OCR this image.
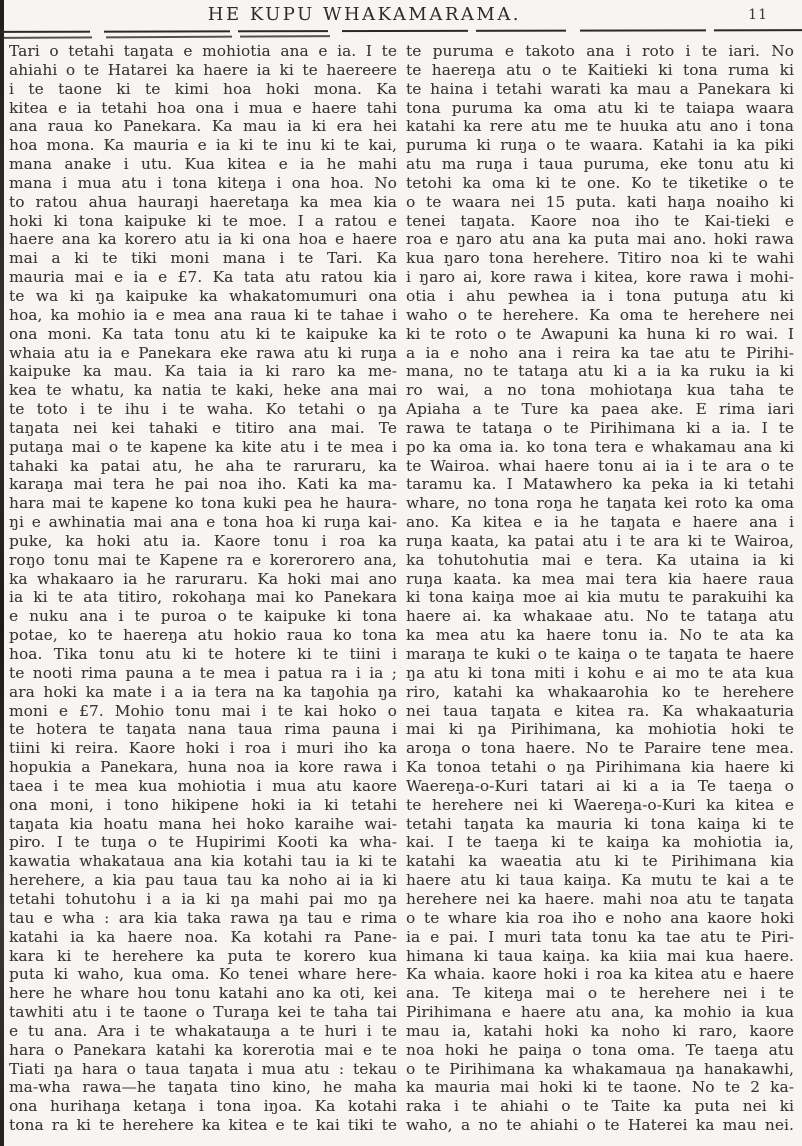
HE KUPU WHAKAMARAMA.	11
Tari o tetahi taŋata e mohiotia ana e ia. I te
ahiahi o te Hatarei ka haere ia ki te haereere
i te taone ki te kimi hoa hoki mona. Ka
kitea e ia tetahi hoa ona i mua e haere tahi
ana raua ko Panekara. Ka mau ia ki era hei
hoa mona. Ka mauria e ia ki te inu ki te kai,
mana anake i utu. Kua kitea e ia he mahi
mana i mua atu i tona kiteŋa i ona hoa. No
to ratou ahua hauraŋi haeretaŋa ka mea kia
hoki ki tona kaipuke ki te moe. I a ratou e
haere ana ka korero atu ia ki ona hoa e haere
mai a ki te tiki moni mana i te Tari. Ka
mauria mai e ia e £7. Ka tata atu ratou kia
te wa ki ŋa kaipuke ka whakatomumuri ona
hoa, ka mohio ia e mea ana raua ki te tahae i
ona moni. Ka tata tonu atu ki te kaipuke ka
whaia atu ia e Panekara eke rawa atu ki ruŋa
kaipuke ka mau. Ka taia ia ki raro ka me-
kea te whatu, ka natia te kaki, heke ana mai
te toto i te ihu i te waha. Ko tetahi o ŋa
taŋata nei kei tahaki e titiro ana mai. Te
putaŋa mai o te kapene ka kite atu i te mea i
tahaki ka patai atu, he aha te raruraru, ka
karaŋa mai tera he pai noa iho. Kati ka ma-
hara mai te kapene ko tona kuki pea he haura-
ŋi e awhinatia mai ana e tona hoa ki ruŋa kai-
puke, ka hoki atu ia. Kaore tonu i roa ka
roŋo tonu mai te Kapene ra e korerorero ana,
ka whakaaro ia he raruraru. Ka hoki mai ano
ia ki te ata titiro, rokohaŋa mai ko Panekara
e nuku ana i te puroa o te kaipuke ki tona
potae, ko te haereŋa atu hokio raua ko tona
hoa. Tika tonu atu ki te hotere ki te tiini i
te nooti rima pauna a te mea i patua ra i ia ;
ara hoki ka mate i a ia tera na ka taŋohia ŋa
moni e £7. Mohio tonu mai i te kai hoko o
te hotera te taŋata nana taua rima pauna i
tiini ki reira. Kaore hoki i roa i muri iho ka
hopukia a Panekara, huna noa ia kore rawa i
taea i te mea kua mohiotia i mua atu kaore
ona moni, i tono hikipene hoki ia ki tetahi
taŋata kia hoatu mana hei hoko karaihe wai-
piro. I te tuŋa o te Hupirimi Kooti ka wha-
kawatia whakataua ana kia kotahi tau ia ki te
herehere, a kia pau taua tau ka noho ai ia ki
tetahi tohutohu i a ia ki ŋa mahi pai mo ŋa
tau e wha : ara kia taka rawa ŋa tau e rima
katahi ia ka haere noa. Ka kotahi ra Pane-
kara ki te herehere ka puta te korero kua
puta ki waho, kua oma. Ko tenei whare here-
here he whare hou tonu katahi ano ka oti, kei
tawhiti atu i te taone o Turaŋa kei te taha tai
e tu ana. Ara i te whakatauŋa a te huri i te
hara o Panekara katahi ka korerotia mai e te
Tiati ŋa hara o taua taŋata i mua atu : tekau
ma-wha rawa—he taŋata tino kino, he maha
ona hurihaŋa ketaŋa i tona iŋoa. Ka kotahi
tona ra ki te herehere ka kitea e te kai tiki te
te puruma e takoto ana i roto i te iari. No
te haereŋa atu o te Kaitieki ki tona ruma ki
te haina i tetahi warati ka mau a Panekara ki
tona puruma ka oma atu ki te taiapa waara
katahi ka rere atu me te huuka atu ano i tona
puruma ki ruŋa o te waara. Katahi ia ka piki
atu ma ruŋa i taua puruma, eke tonu atu ki
tetohi ka oma ki te one. Ko te tiketike o te
o te waara nei 15 puta. kati haŋa noaiho ki
tenei taŋata. Kaore noa iho te Kai-tieki e
roa e ŋaro atu ana ka puta mai ano. hoki rawa
kua ŋaro tona herehere. Titiro noa ki te wahi
i ŋaro ai, kore rawa i kitea, kore rawa i mohi-
otia i ahu pewhea ia i tona putuŋa atu ki
waho o te herehere. Ka oma te herehere nei
ki te roto o te Awapuni ka huna ki ro wai. I
a ia e noho ana i reira ka tae atu te Pirihi-
mana, no te tataŋa atu ki a ia ka ruku ia ki
ro wai, a no tona mohiotaŋa kua taha te
Apiaha a te Ture ka paea ake. E rima iari
rawa te tataŋa o te Pirihimana ki a ia. I te
po ka oma ia. ko tona tera e whakamau ana ki
te Wairoa. whai haere tonu ai ia i te ara o te
taramu ka. I Matawhero ka peka ia ki tetahi
whare, no tona roŋa he taŋata kei roto ka oma
ano. Ka kitea e ia he taŋata e haere ana i
ruŋa kaata, ka patai atu i te ara ki te Wairoa,
ka tohutohutia mai e tera. Ka utaina ia ki
ruŋa kaata. ka mea mai tera kia haere raua
ki tona kaiŋa moe ai kia mutu te parakuihi ka
haere ai. ka whakaae atu. No te tataŋa atu
ka mea atu ka haere tonu ia. No te ata ka
maraŋa te kuki o te kaiŋa o te taŋata te haere
ŋa atu ki tona miti i kohu e ai mo te ata kua
riro, katahi ka whakaarohia ko te herehere
nei taua taŋata e kitea ra. Ka whakaaturia
mai ki ŋa Pirihimana, ka mohiotia hoki te
aroŋa o tona haere. No te Paraire tene mea.
Ka tonoa tetahi o ŋa Pirihimana kia haere ki
Waereŋa-o-Kuri tatari ai ki a ia Te taeŋa o
te herehere nei ki Waereŋa-o-Kuri ka kitea e
tetahi taŋata ka mauria ki tona kaiŋa ki te
kai. I te taeŋa ki te kaiŋa ka mohiotia ia,
katahi ka waeatia atu ki te Pirihimana kia
haere atu ki taua kaiŋa. Ka mutu te kai a te
herehere nei ka haere. mahi noa atu te taŋata
o te whare kia roa iho e noho ana kaore hoki
ia e pai. I muri tata tonu ka tae atu te Piri-
himana ki taua kaiŋa. ka kiia mai kua haere.
Ka whaia. kaore hoki i roa ka kitea atu e haere
ana. Te kiteŋa mai o te herehere nei i te
Pirihimana e haere atu ana, ka mohio ia kua
mau ia, katahi hoki ka noho ki raro, kaore
noa hoki he paiŋa o tona oma. Te taeŋa atu
o te Pirihimana ka whakamaua ŋa hanakawhi,
ka mauria mai hoki ki te taone. No te 2 ka-
raka i te ahiahi o te Taite ka puta nei ki
waho, a no te ahiahi o te Haterei ka mau nei.
